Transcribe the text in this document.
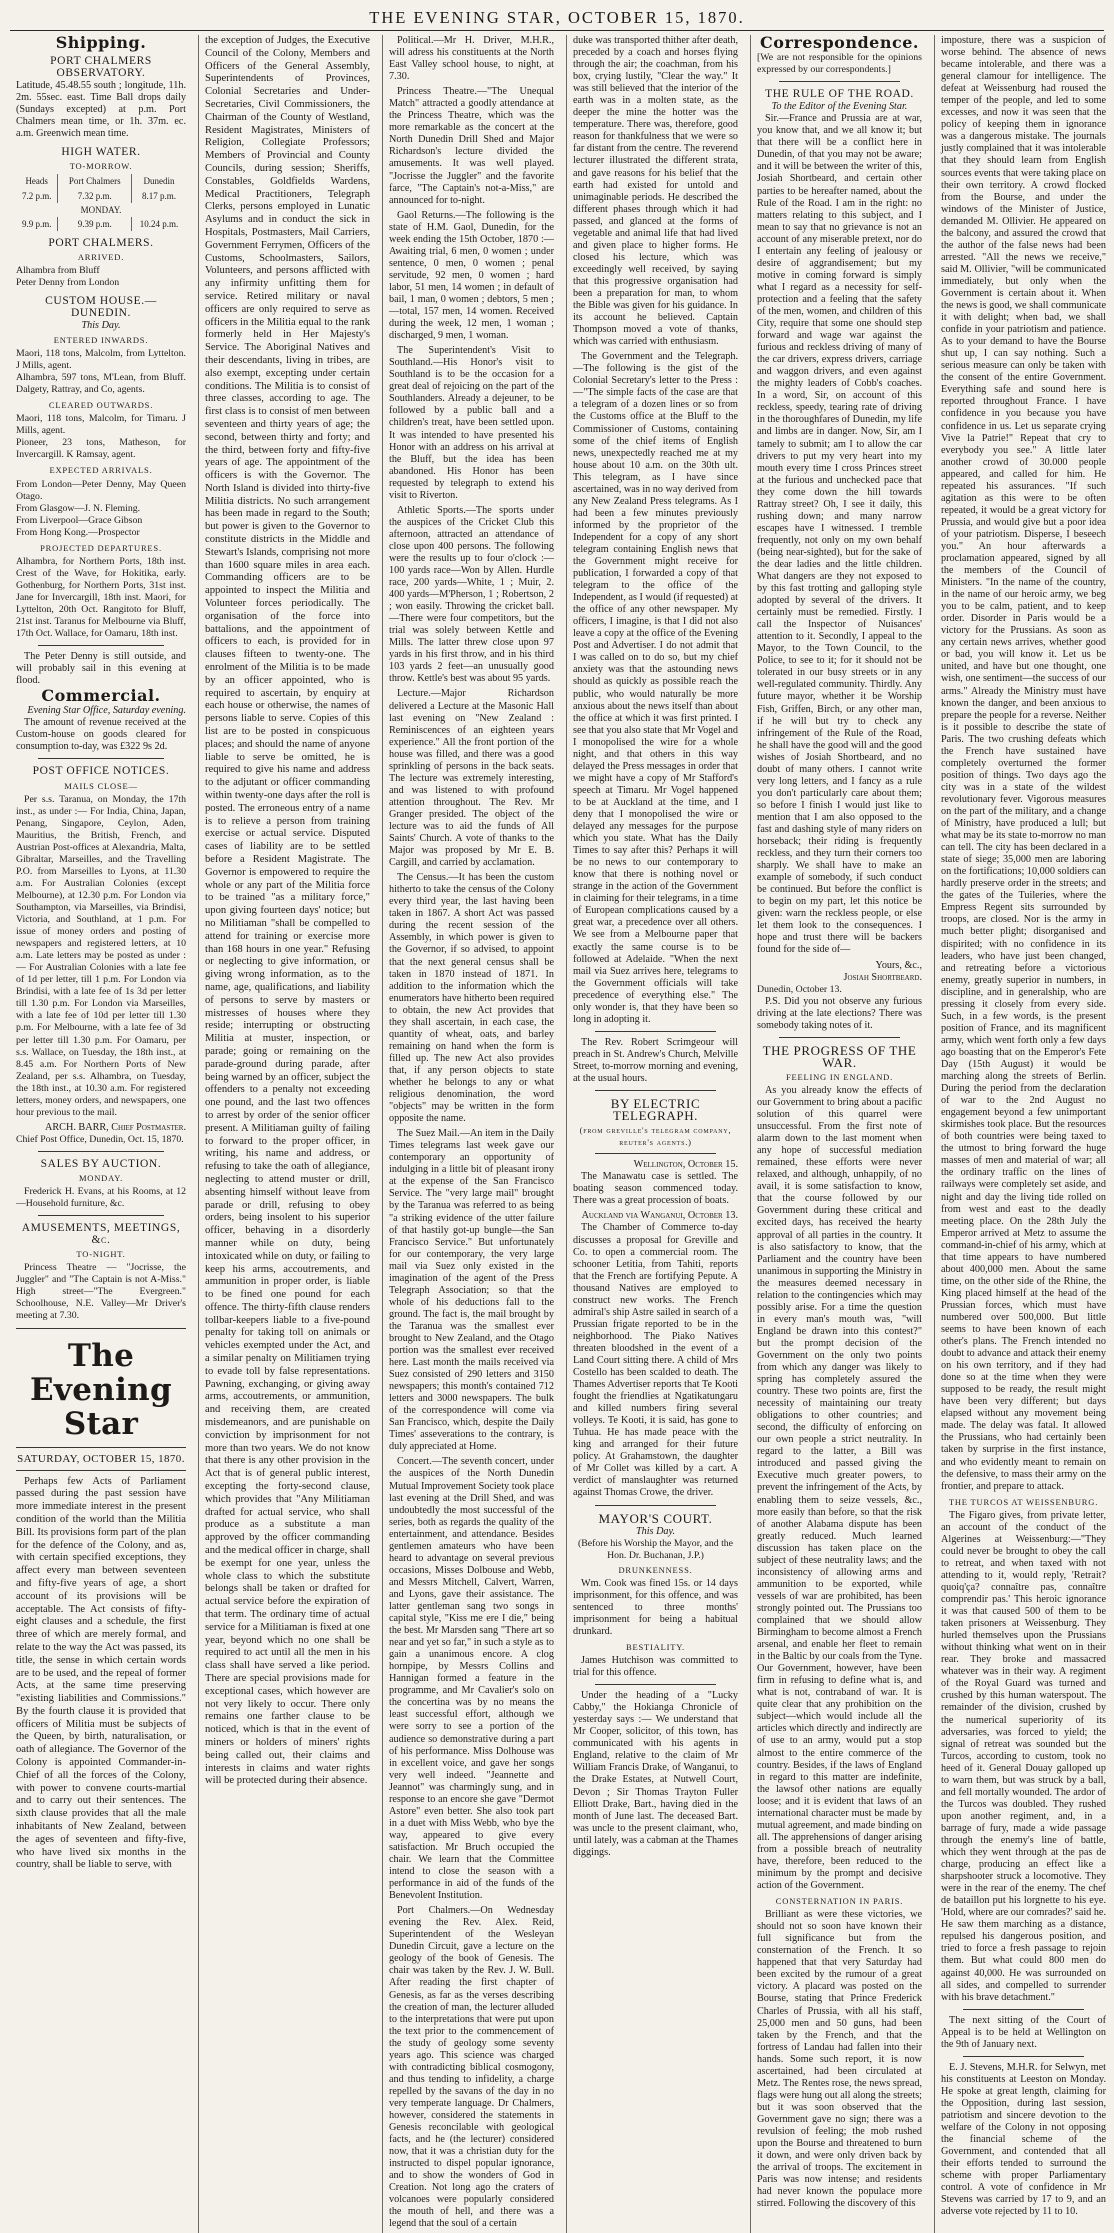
THE EVENING STAR, OCTOBER 15, 1870.
Shipping.
PORT CHALMERS OBSERVATORY.

Latitude, 45.48.55 south ; longitude, 11h. 2m. 55sec. east. Time Ball drops daily (Sundays excepted) at p.m. Port Chalmers mean time, or 1h. 37m. ec. a.m. Greenwich mean time.

HIGH WATER.
TO-MORROW.
Heads	Port Chalmers	Dunedin
7.2 p.m.	7.32 p.m.	8.17 p.m.
MONDAY.		
9.9 p.m.	9.39 p.m.	10.24 p.m.
PORT CHALMERS.
ARRIVED.

Alhambra from Bluff
Peter Denny from London

CUSTOM HOUSE.—DUNEDIN.
This Day.
ENTERED INWARDS.

Maori, 118 tons, Malcolm, from Lyttelton. J Mills, agent.
Alhambra, 597 tons, M'Lean, from Bluff. Dalgety, Rattray, and Co, agents.

CLEARED OUTWARDS.

Maori, 118 tons, Malcolm, for Timaru. J Mills, agent.
Pioneer, 23 tons, Matheson, for Invercargill. K Ramsay, agent.

EXPECTED ARRIVALS.

From London—Peter Denny, May Queen Otago.
From Glasgow—J. N. Fleming.
From Liverpool—Grace Gibson
From Hong Kong.—Prospector

PROJECTED DEPARTURES.

Alhambra, for Northern Ports, 18th inst. Crest of the Wave, for Hokitika, early. Gothenburg, for Northern Ports, 31st inst. Jane for Invercargill, 18th inst. Maori, for Lyttelton, 20th Oct. Rangitoto for Bluff, 21st inst. Taranus for Melbourne via Bluff, 17th Oct. Wallace, for Oamaru, 18th inst.

The Peter Denny is still outside, and will probably sail in this evening at flood.

Commercial.
Evening Star Office, Saturday evening.

The amount of revenue received at the Custom-house on goods cleared for consumption to-day, was £322 9s 2d.

POST OFFICE NOTICES.
MAILS CLOSE—

Per s.s. Taranua, on Monday, the 17th inst., as under :— For India, China, Japan, Penang, Singapore, Ceylon, Aden, Mauritius, the British, French, and Austrian Post-offices at Alexandria, Malta, Gibraltar, Marseilles, and the Travelling P.O. from Marseilles to Lyons, at 11.30 a.m. For Australian Colonies (except Melbourne), at 12.30 p.m. For London via Southampton, via Marseilles, via Brindisi, Victoria, and Southland, at 1 p.m. For issue of money orders and posting of newspapers and registered letters, at 10 a.m. Late letters may be posted as under :— For Australian Colonies with a late fee of 1d per letter, till 1 p.m. For London via Brindisi, with a late fee of 1s 3d per letter till 1.30 p.m. For London via Marseilles, with a late fee of 10d per letter till 1.30 p.m. For Melbourne, with a late fee of 3d per letter till 1.30 p.m. For Oamaru, per s.s. Wallace, on Tuesday, the 18th inst., at 8.45 a.m. For Northern Ports of New Zealand, per s.s. Alhambra, on Tuesday, the 18th inst., at 10.30 a.m. For registered letters, money orders, and newspapers, one hour previous to the mail.

ARCH. BARR, Chief Postmaster.
Chief Post Office, Dunedin, Oct. 15, 1870.
SALES BY AUCTION.
MONDAY.

Frederick H. Evans, at his Rooms, at 12—Household furniture, &c.

AMUSEMENTS, MEETINGS, &c.
TO-NIGHT.

Princess Theatre — "Jocrisse, the Juggler" and "The Captain is not A-Miss." High street—"The Evergreen." Schoolhouse, N.E. Valley—Mr Driver's meeting at 7.30.

The Evening Star
SATURDAY, OCTOBER 15, 1870.

Perhaps few Acts of Parliament passed during the past session have more immediate interest in the present condition of the world than the Militia Bill. Its provisions form part of the plan for the defence of the Colony, and as, with certain specified exceptions, they affect every man between seventeen and fifty-five years of age, a short account of its provisions will be acceptable. The Act consists of fifty-eight clauses and a schedule, the first three of which are merely formal, and relate to the way the Act was passed, its title, the sense in which certain words are to be used, and the repeal of former Acts, at the same time preserving "existing liabilities and Commissions." By the fourth clause it is provided that officers of Militia must be subjects of the Queen, by birth, naturalisation, or oath of allegiance. The Governor of the Colony is appointed Commander-in-Chief of all the forces of the Colony, with power to convene courts-martial and to carry out their sentences. The sixth clause provides that all the male inhabitants of New Zealand, between the ages of seventeen and fifty-five, who have lived six months in the country, shall be liable to serve, with

the exception of Judges, the Executive Council of the Colony, Members and Officers of the General Assembly, Superintendents of Provinces, Colonial Secretaries and Under-Secretaries, Civil Commissioners, the Chairman of the County of Westland, Resident Magistrates, Ministers of Religion, Collegiate Professors; Members of Provincial and County Councils, during session; Sheriffs, Constables, Goldfields Wardens, Medical Practitioners, Telegraph Clerks, persons employed in Lunatic Asylums and in conduct the sick in Hospitals, Postmasters, Mail Carriers, Government Ferrymen, Officers of the Customs, Schoolmasters, Sailors, Volunteers, and persons afflicted with any infirmity unfitting them for service. Retired military or naval officers are only required to serve as officers in the Militia equal to the rank formerly held in Her Majesty's Service. The Aboriginal Natives and their descendants, living in tribes, are also exempt, excepting under certain conditions. The Militia is to consist of three classes, according to age. The first class is to consist of men between seventeen and thirty years of age; the second, between thirty and forty; and the third, between forty and fifty-five years of age. The appointment of the officers is with the Governor. The North Island is divided into thirty-five Militia districts. No such arrangement has been made in regard to the South; but power is given to the Governor to constitute districts in the Middle and Stewart's Islands, comprising not more than 1600 square miles in area each. Commanding officers are to be appointed to inspect the Militia and Volunteer forces periodically. The organisation of the force into battalions, and the appointment of officers to each, is provided for in clauses fifteen to twenty-one. The enrolment of the Militia is to be made by an officer appointed, who is required to ascertain, by enquiry at each house or otherwise, the names of persons liable to serve. Copies of this list are to be posted in conspicuous places; and should the name of anyone liable to serve be omitted, he is required to give his name and address to the adjutant or officer commanding within twenty-one days after the roll is posted. The erroneous entry of a name is to relieve a person from training exercise or actual service. Disputed cases of liability are to be settled before a Resident Magistrate. The Governor is empowered to require the whole or any part of the Militia force to be trained "as a military force," upon giving fourteen days' notice; but no Militiaman "shall be compelled to attend for training or exercise more than 168 hours in one year." Refusing or neglecting to give information, or giving wrong information, as to the name, age, qualifications, and liability of persons to serve by masters or mistresses of houses where they reside; interrupting or obstructing Militia at muster, inspection, or parade; going or remaining on the parade-ground during parade, after being warned by an officer, subject the offenders to a penalty not exceeding one pound, and the last two offences to arrest by order of the senior officer present. A Militiaman guilty of failing to forward to the proper officer, in writing, his name and address, or refusing to take the oath of allegiance, neglecting to attend muster or drill, absenting himself without leave from parade or drill, refusing to obey orders, being insolent to his superior officer, behaving in a disorderly manner while on duty, being intoxicated while on duty, or failing to keep his arms, accoutrements, and ammunition in proper order, is liable to be fined one pound for each offence. The thirty-fifth clause renders tollbar-keepers liable to a five-pound penalty for taking toll on animals or vehicles exempted under the Act, and a similar penalty on Militiamen trying to evade toll by false representations. Pawning, exchanging, or giving away arms, accoutrements, or ammunition, and receiving them, are created misdemeanors, and are punishable on conviction by imprisonment for not more than two years. We do not know that there is any other provision in the Act that is of general public interest, excepting the forty-second clause, which provides that "Any Militiaman drafted for actual service, who shall produce as a substitute a man approved by the officer commanding and the medical officer in charge, shall be exempt for one year, unless the whole class to which the substitute belongs shall be taken or drafted for actual service before the expiration of that term. The ordinary time of actual service for a Militiaman is fixed at one year, beyond which no one shall be required to act until all the men in his class shall have served a like period. There are special provisions made for exceptional cases, which however are not very likely to occur. There only remains one farther clause to be noticed, which is that in the event of miners or holders of miners' rights being called out, their claims and interests in claims and water rights will be protected during their absence.

Political.—Mr H. Driver, M.H.R., will adress his constituents at the North East Valley school house, to night, at 7.30.

Princess Theatre.—"The Unequal Match" attracted a goodly attendance at the Princess Theatre, which was the more remarkable as the concert at the North Dunedin Drill Shed and Major Richardson's lecture divided the amusements. It was well played. "Jocrisse the Juggler" and the favorite farce, "The Captain's not-a-Miss," are announced for to-night.

Gaol Returns.—The following is the state of H.M. Gaol, Dunedin, for the week ending the 15th October, 1870 :—Awaiting trial, 6 men, 0 women ; under sentence, 0 men, 0 women ; penal servitude, 92 men, 0 women ; hard labor, 51 men, 14 women ; in default of bail, 1 man, 0 women ; debtors, 5 men ;—total, 157 men, 14 women. Received during the week, 12 men, 1 woman ; discharged, 9 men, 1 woman.

The Superintendent's Visit to Southland.—His Honor's visit to Southland is to be the occasion for a great deal of rejoicing on the part of the Southlanders. Already a dejeuner, to be followed by a public ball and a children's treat, have been settled upon. It was intended to have presented his Honor with an address on his arrival at the Bluff, but the idea has been abandoned. His Honor has been requested by telegraph to extend his visit to Riverton.

Athletic Sports.—The sports under the auspices of the Cricket Club this afternoon, attracted an attendance of close upon 400 persons. The following were the results up to four o'clock :—100 yards race—Won by Allen. Hurdle race, 200 yards—White, 1 ; Muir, 2. 400 yards—M'Pherson, 1 ; Robertson, 2 ; won easily. Throwing the cricket ball.—There were four competitors, but the trial was solely between Kettle and Mills. The latter threw close upon 97 yards in his first throw, and in his third 103 yards 2 feet—an unusually good throw. Kettle's best was about 95 yards.

Lecture.—Major Richardson delivered a Lecture at the Masonic Hall last evening on "New Zealand : Reminiscences of an eighteen years experience." All the front portion of the house was filled, and there was a good sprinkling of persons in the back seats. The lecture was extremely interesting, and was listened to with profound attention throughout. The Rev. Mr Granger presided. The object of the lecture was to aid the funds of All Saints' Church. A vote of thanks to the Major was proposed by Mr E. B. Cargill, and carried by acclamation.

The Census.—It has been the custom hitherto to take the census of the Colony every third year, the last having been taken in 1867. A short Act was passed during the recent session of the Assembly, in which power is given to the Governor, if so advised, to appoint that the next general census shall be taken in 1870 instead of 1871. In addition to the information which the enumerators have hitherto been required to obtain, the new Act provides that they shall ascertain, in each case, the quantity of wheat, oats, and barley remaining on hand when the form is filled up. The new Act also provides that, if any person objects to state whether he belongs to any or what religious denomination, the word "objects" may be written in the form opposite the name.

The Suez Mail.—An item in the Daily Times telegrams last week gave our contemporary an opportunity of indulging in a little bit of pleasant irony at the expense of the San Francisco Service. The "very large mail" brought by the Taranua was referred to as being "a striking evidence of the utter failure of that hastily got-up bungle—the San Francisco Service." But unfortunately for our contemporary, the very large mail via Suez only existed in the imagination of the agent of the Press Telegraph Association; so that the whole of his deductions fall to the ground. The fact is, the mail brought by the Taranua was the smallest ever brought to New Zealand, and the Otago portion was the smallest ever received here. Last month the mails received via Suez consisted of 290 letters and 3150 newspapers; this month's contained 712 letters and 3000 newspapers. The bulk of the correspondence will come via San Francisco, which, despite the Daily Times' asseverations to the contrary, is duly appreciated at Home.

Concert.—The seventh concert, under the auspices of the North Dunedin Mutual Improvement Society took place last evening at the Drill Shed, and was undoubtedly the most successful of the series, both as regards the quality of the entertainment, and attendance. Besides gentlemen amateurs who have been heard to advantage on several previous occasions, Misses Dolbouse and Webb, and Messrs Mitchell, Calvert, Warren, and Lyons, gave their assistance. The latter gentleman sang two songs in capital style, "Kiss me ere I die," being the best. Mr Marsden sang "There art so near and yet so far," in such a style as to gain a unanimous encore. A clog hornpipe, by Messrs Collins and Hannigan formed a feature in the programme, and Mr Cavalier's solo on the concertina was by no means the least successful effort, although we were sorry to see a portion of the audience so demonstrative during a part of his performance. Miss Dolhouse was in excellent voice, and gave her songs very well indeed. "Jeannette and Jeannot" was charmingly sung, and in response to an encore she gave "Dermot Astore" even better. She also took part in a duet with Miss Webb, who bye the way, appeared to give every satisfaction. Mr Bruch occupied the chair. We learn that the Committee intend to close the season with a performance in aid of the funds of the Benevolent Institution.

Port Chalmers.—On Wednesday evening the Rev. Alex. Reid, Superintendent of the Wesleyan Dunedin Circuit, gave a lecture on the geology of the book of Genesis. The chair was taken by the Rev. J. W. Bull. After reading the first chapter of Genesis, as far as the verses describing the creation of man, the lecturer alluded to the interpretations that were put upon the text prior to the commencement of the study of geology some seventy years ago. This science was charged with contradicting biblical cosmogony, and thus tending to infidelity, a charge repelled by the savans of the day in no very temperate language. Dr Chalmers, however, considered the statements in Genesis reconcilable with geological facts, and he (the lecturer) considered now, that it was a christian duty for the instructed to dispel popular ignorance, and to show the wonders of God in Creation. Not long ago the craters of volcanoes were popularly considered the mouth of hell, and there was a legend that the soul of a certain

duke was transported thither after death, preceded by a coach and horses flying through the air; the coachman, from his box, crying lustily, "Clear the way." It was still believed that the interior of the earth was in a molten state, as the deeper the mine the hotter was the temperature. There was, therefore, good reason for thankfulness that we were so far distant from the centre. The reverend lecturer illustrated the different strata, and gave reasons for his belief that the earth had existed for untold and unimaginable periods. He described the different phases through which it had passed, and glanced at the forms of vegetable and animal life that had lived and given place to higher forms. He closed his lecture, which was exceedingly well received, by saying that this progressive organisation had been a preparation for man, to whom the Bible was given for his guidance. In its account he believed. Captain Thompson moved a vote of thanks, which was carried with enthusiasm.

The Government and the Telegraph.—The following is the gist of the Colonial Secretary's letter to the Press :—"The simple facts of the case are that a telegram of a dozen lines or so from the Customs office at the Bluff to the Commissioner of Customs, containing some of the chief items of English news, unexpectedly reached me at my house about 10 a.m. on the 30th ult. This telegram, as I have since ascertained, was in no way derived from any New Zealand Press telegrams. As I had been a few minutes previously informed by the proprietor of the Independent for a copy of any short telegram containing English news that the Government might receive for publication, I forwarded a copy of that telegram to the office of the Independent, as I would (if requested) at the office of any other newspaper. My officers, I imagine, is that I did not also leave a copy at the office of the Evening Post and Advertiser. I do not admit that I was called on to do so, but my chief anxiety was that the astounding news should as quickly as possible reach the public, who would naturally be more anxious about the news itself than about the office at which it was first printed. I see that you also state that Mr Vogel and I monopolised the wire for a whole night, and that others in this way delayed the Press messages in order that we might have a copy of Mr Stafford's speech at Timaru. Mr Vogel happened to be at Auckland at the time, and I deny that I monopolised the wire or delayed any messages for the purpose which you state. What has the Daily Times to say after this? Perhaps it will be no news to our contemporary to know that there is nothing novel or strange in the action of the Government in claiming for their telegrams, in a time of European complications caused by a great war, a precedence over all others. We see from a Melbourne paper that exactly the same course is to be followed at Adelaide. "When the next mail via Suez arrives here, telegrams to the Government officials will take precedence of everything else." The only wonder is, that they have been so long in adopting it.

The Rev. Robert Scrimgeour will preach in St. Andrew's Church, Melville Street, to-morrow morning and evening, at the usual hours.

BY ELECTRIC TELEGRAPH.
(from greville's telegram company, reuter's agents.)
Wellington, October 15.

The Manawatu case is settled. The boating season commenced today. There was a great procession of boats.

Auckland via Wanganui, October 13.

The Chamber of Commerce to-day discusses a proposal for Greville and Co. to open a commercial room. The schooner Letitia, from Tahiti, reports that the French are fortifying Pepute. A thousand Natives are employed to construct new works. The French admiral's ship Astre sailed in search of a Prussian frigate reported to be in the neighborhood. The Piako Natives threaten bloodshed in the event of a Land Court sitting there. A child of Mrs Costello has been scalded to death. The Thames Advertiser reports that Te Kooti fought the friendlies at Ngatikatungaru and killed numbers firing several volleys. Te Kooti, it is said, has gone to Tuhua. He has made peace with the king and arranged for their future policy. At Grahamstown, the daughter of Mr Collet was killed by a cart. A verdict of manslaughter was returned against Thomas Crowe, the driver.

MAYOR'S COURT.
This Day.
(Before his Worship the Mayor, and the Hon. Dr. Buchanan, J.P.)
DRUNKENNESS.

Wm. Cook was fined 15s. or 14 days imprisonment, for this offence, and was sentenced to three months' imprisonment for being a habitual drunkard.

BESTIALITY.

James Hutchison was committed to trial for this offence.

Under the heading of a "Lucky Cabby," the Hokianga Chronicle of yesterday says :— We understand that Mr Cooper, solicitor, of this town, has communicated with his agents in England, relative to the claim of Mr William Francis Drake, of Wanganui, to the Drake Estates, at Nutwell Court, Devon ; Sir Thomas Trayton Fuller Elliott Drake, Bart., having died in the month of June last. The deceased Bart. was uncle to the present claimant, who, until lately, was a cabman at the Thames diggings.

Correspondence.

[We are not responsible for the opinions expressed by our correspondents.]

THE RULE OF THE ROAD.
To the Editor of the Evening Star.

Sir.—France and Prussia are at war, you know that, and we all know it; but that there will be a conflict here in Dunedin, of that you may not be aware; and it will be between the writer of this, Josiah Shortbeard, and certain other parties to be hereafter named, about the Rule of the Road. I am in the right: no matters relating to this subject, and I mean to say that no grievance is not an account of any miserable pretext, nor do I entertain any feeling of jealousy or desire of aggrandisement; but my motive in coming forward is simply what I regard as a necessity for self-protection and a feeling that the safety of the men, women, and children of this City, require that some one should step forward and wage war against the furious and reckless driving of many of the car drivers, express drivers, carriage and waggon drivers, and even against the mighty leaders of Cobb's coaches. In a word, Sir, on account of this reckless, speedy, tearing rate of driving in the thoroughfares of Dunedin, my life and limbs are in danger. Now, Sir, am I tamely to submit; am I to allow the car drivers to put my very heart into my mouth every time I cross Princes street at the furious and unchecked pace that they come down the hill towards Rattray street? Oh, I see it daily, this rushing down; and many narrow escapes have I witnessed. I tremble frequently, not only on my own behalf (being near-sighted), but for the sake of the dear ladies and the little children. What dangers are they not exposed to by this fast trotting and galloping style adopted by several of the drivers. It certainly must be remedied. Firstly. I call the Inspector of Nuisances' attention to it. Secondly, I appeal to the Mayor, to the Town Council, to the Police, to see to it; for it should not be tolerated in our busy streets or in any well-regulated community. Thirdly. Any future mayor, whether it be Worship Fish, Griffen, Birch, or any other man, if he will but try to check any infringement of the Rule of the Road, he shall have the good will and the good wishes of Josiah Shortbeard, and no doubt of many others. I cannot write very long letters, and I fancy as a rule you don't particularly care about them; so before I finish I would just like to mention that I am also opposed to the fast and dashing style of many riders on horseback; their riding is frequently reckless, and they turn their corners too sharply. We shall have to make an example of somebody, if such conduct be continued. But before the conflict is to begin on my part, let this notice be given: warn the reckless people, or else let them look to the consequences. I hope and trust there will be backers found for the side of—

Yours, &c.,
Josiah Shortbeard.
Dunedin, October 13.

P.S. Did you not observe any furious driving at the late elections? There was somebody taking notes of it.

THE PROGRESS OF THE WAR.
FEELING IN ENGLAND.

As you already know the effects of our Government to bring about a pacific solution of this quarrel were unsuccessful. From the first note of alarm down to the last moment when any hope of successful mediation remained, these efforts were never relaxed, and although, unhappily, of no avail, it is some satisfaction to know, that the course followed by our Government during these critical and excited days, has received the hearty approval of all parties in the country. It is also satisfactory to know, that the Parliament and the country have been unanimous in supporting the Ministry in the measures deemed necessary in relation to the contingencies which may possibly arise. For a time the question in every man's mouth was, "will England be drawn into this contest?" but the prompt decision of the Government on the only two points from which any danger was likely to spring has completely assured the country. These two points are, first the necessity of maintaining our treaty obligations to other countries; and second, the difficulty of enforcing on our own people a strict neutrality. In regard to the latter, a Bill was introduced and passed giving the Executive much greater powers, to prevent the infringement of the Acts, by enabling them to seize vessels, &c., more easily than before, so that the risk of another Alabama dispute has been greatly reduced. Much learned discussion has taken place on the subject of these neutrality laws; and the inconsistency of allowing arms and ammunition to be exported, while vessels of war are prohibited, has been strongly pointed out. The Prussians too complained that we should allow Birmingham to become almost a French arsenal, and enable her fleet to remain in the Baltic by our coals from the Tyne. Our Government, however, have been firm in refusing to define what is, and what is not, contraband of war. It is quite clear that any prohibition on the subject—which would include all the articles which directly and indirectly are of use to an army, would put a stop almost to the entire commerce of the country. Besides, if the laws of England in regard to this matter are indefinite, the lawsof other nations are equally loose; and it is evident that laws of an international character must be made by mutual agreement, and made binding on all. The apprehensions of danger arising from a possible breach of neutrality have, therefore, been reduced to the minimum by the prompt and decisive action of the Government.

CONSTERNATION IN PARIS.

Brilliant as were these victories, we should not so soon have known their full significance but from the consternation of the French. It so happened that that very Saturday had been excited by the rumour of a great victory. A placard was posted on the Bourse, stating that Prince Frederick Charles of Prussia, with all his staff, 25,000 men and 50 guns, had been taken by the French, and that the fortress of Landau had fallen into their hands. Some such report, it is now ascertained, had been circulated at Metz. The Rentes rose, the news spread, flags were hung out all along the streets; but it was soon observed that the Government gave no sign; there was a revulsion of feeling; the mob rushed upon the Bourse and threatened to burn it down, and were only driven back by the arrival of troops. The excitement in Paris was now intense; and residents had never known the populace more stirred. Following the discovery of this

imposture, there was a suspicion of worse behind. The absence of news became intolerable, and there was a general clamour for intelligence. The defeat at Weissenburg had roused the temper of the people, and led to some excesses, and now it was seen that the policy of keeping them in ignorance was a dangerous mistake. The journals justly complained that it was intolerable that they should learn from English sources events that were taking place on their own territory. A crowd flocked from the Bourse, and under the windows of the Minister of Justice, demanded M. Ollivier. He appeared on the balcony, and assured the crowd that the author of the false news had been arrested. "All the news we receive," said M. Ollivier, "will be communicated immediately, but only when the Government is certain about it. When the news is good, we shall communicate it with delight; when bad, we shall confide in your patriotism and patience. As to your demand to have the Bourse shut up, I can say nothing. Such a serious measure can only be taken with the consent of the entire Government. Everything safe and sound here is reported throughout France. I have confidence in you because you have confidence in us. Let us separate crying Vive la Patrie!" Repeat that cry to everybody you see." A little later another crowd of 30.000 people appeared, and called for him. He repeated his assurances. "If such agitation as this were to be often repeated, it would be a great victory for Prussia, and would give but a poor idea of your patriotism. Disperse, I beseech you." An hour afterwards a proclamation appeared, signed by all the members of the Council of Ministers. "In the name of the country, in the name of our heroic army, we beg you to be calm, patient, and to keep order. Disorder in Paris would be a victory for the Prussians. As soon as any certain news arrives, whether good or bad, you will know it. Let us be united, and have but one thought, one wish, one sentiment—the success of our arms." Already the Ministry must have known the danger, and been anxious to prepare the people for a reverse. Neither is it possible to describe the state of Paris. The two crushing defeats which the French have sustained have completely overturned the former position of things. Two days ago the city was in a state of the wildest revolutionary fever. Vigorous measures on the part of the military, and a change of Ministry, have produced a lull; but what may be its state to-morrow no man can tell. The city has been declared in a state of siege; 35,000 men are laboring on the fortifications; 10,000 soldiers can hardly preserve order in the streets; and the gates of the Tuileries, where the Empress Regent sits surrounded by troops, are closed. Nor is the army in much better plight; disorganised and dispirited; with no confidence in its leaders, who have just been changed, and retreating before a victorious enemy, greatly superior in numbers, in discipline, and in generalship, who are pressing it closely from every side. Such, in a few words, is the present position of France, and its magnificent army, which went forth only a few days ago boasting that on the Emperor's Fete Day (15th August) it would be marching along the streets of Berlin. During the period from the declaration of war to the 2nd August no engagement beyond a few unimportant skirmishes took place. But the resources of both countries were being taxed to the utmost to bring forward the huge masses of men and material of war; all the ordinary traffic on the lines of railways were completely set aside, and night and day the living tide rolled on from west and east to the deadly meeting place. On the 28th July the Emperor arrived at Metz to assume the command-in-chief of his army, which at that time appears to have numbered about 400,000 men. About the same time, on the other side of the Rhine, the King placed himself at the head of the Prussian forces, which must have numbered over 500,000. But little seems to have been known of each other's plans. The French intended no doubt to advance and attack their enemy on his own territory, and if they had done so at the time when they were supposed to be ready, the result might have been very different; but days elapsed without any movement being made. The delay was fatal. It allowed the Prussians, who had certainly been taken by surprise in the first instance, and who evidently meant to remain on the defensive, to mass their army on the frontier, and prepare to attack.

THE TURCOS AT WEISSENBURG.

The Figaro gives, from private letter, an account of the conduct of the Algerines at Weissenburg:—"They could never be brought to obey the call to retreat, and when taxed with not attending to it, would reply, 'Retrait? quoiq'ça? connaître pas, connaître comprendir pas.' This heroic ignorance it was that caused 500 of them to be taken prisoners at Weissenburg. They hurled themselves upon the Prussians without thinking what went on in their rear. They broke and massacred whatever was in their way. A regiment of the Royal Guard was turned and crushed by this human waterspout. The remainder of the division, crushed by the numerical superiority of its adversaries, was forced to yield; the signal of retreat was sounded but the Turcos, according to custom, took no heed of it. General Douay galloped up to warn them, but was struck by a ball, and fell mortally wounded. The ardor of the Turcos was doubled. They rushed upon another regiment, and, in a barrage of fury, made a wide passage through the enemy's line of battle, which they went through at the pas de charge, producing an effect like a sharpshooter struck a locomotive. They were in the rear of the enemy. The chef de bataillon put his lorgnette to his eye. 'Hold, where are our comrades?' said he. He saw them marching as a distance, repulsed his dangerous position, and tried to force a fresh passage to rejoin them. But what could 800 men do against 40,000. He was surrounded on all sides, and compelled to surrender with his brave detachment."

The next sitting of the Court of Appeal is to be held at Wellington on the 9th of January next.

E. J. Stevens, M.H.R. for Selwyn, met his constituents at Leeston on Monday. He spoke at great length, claiming for the Opposition, during last session, patriotism and sincere devotion to the welfare of the Colony in not opposing the financial scheme of the Government, and contended that all their efforts tended to surround the scheme with proper Parliamentary control. A vote of confidence in Mr Stevens was carried by 17 to 9, and an adverse vote rejected by 11 to 10.
